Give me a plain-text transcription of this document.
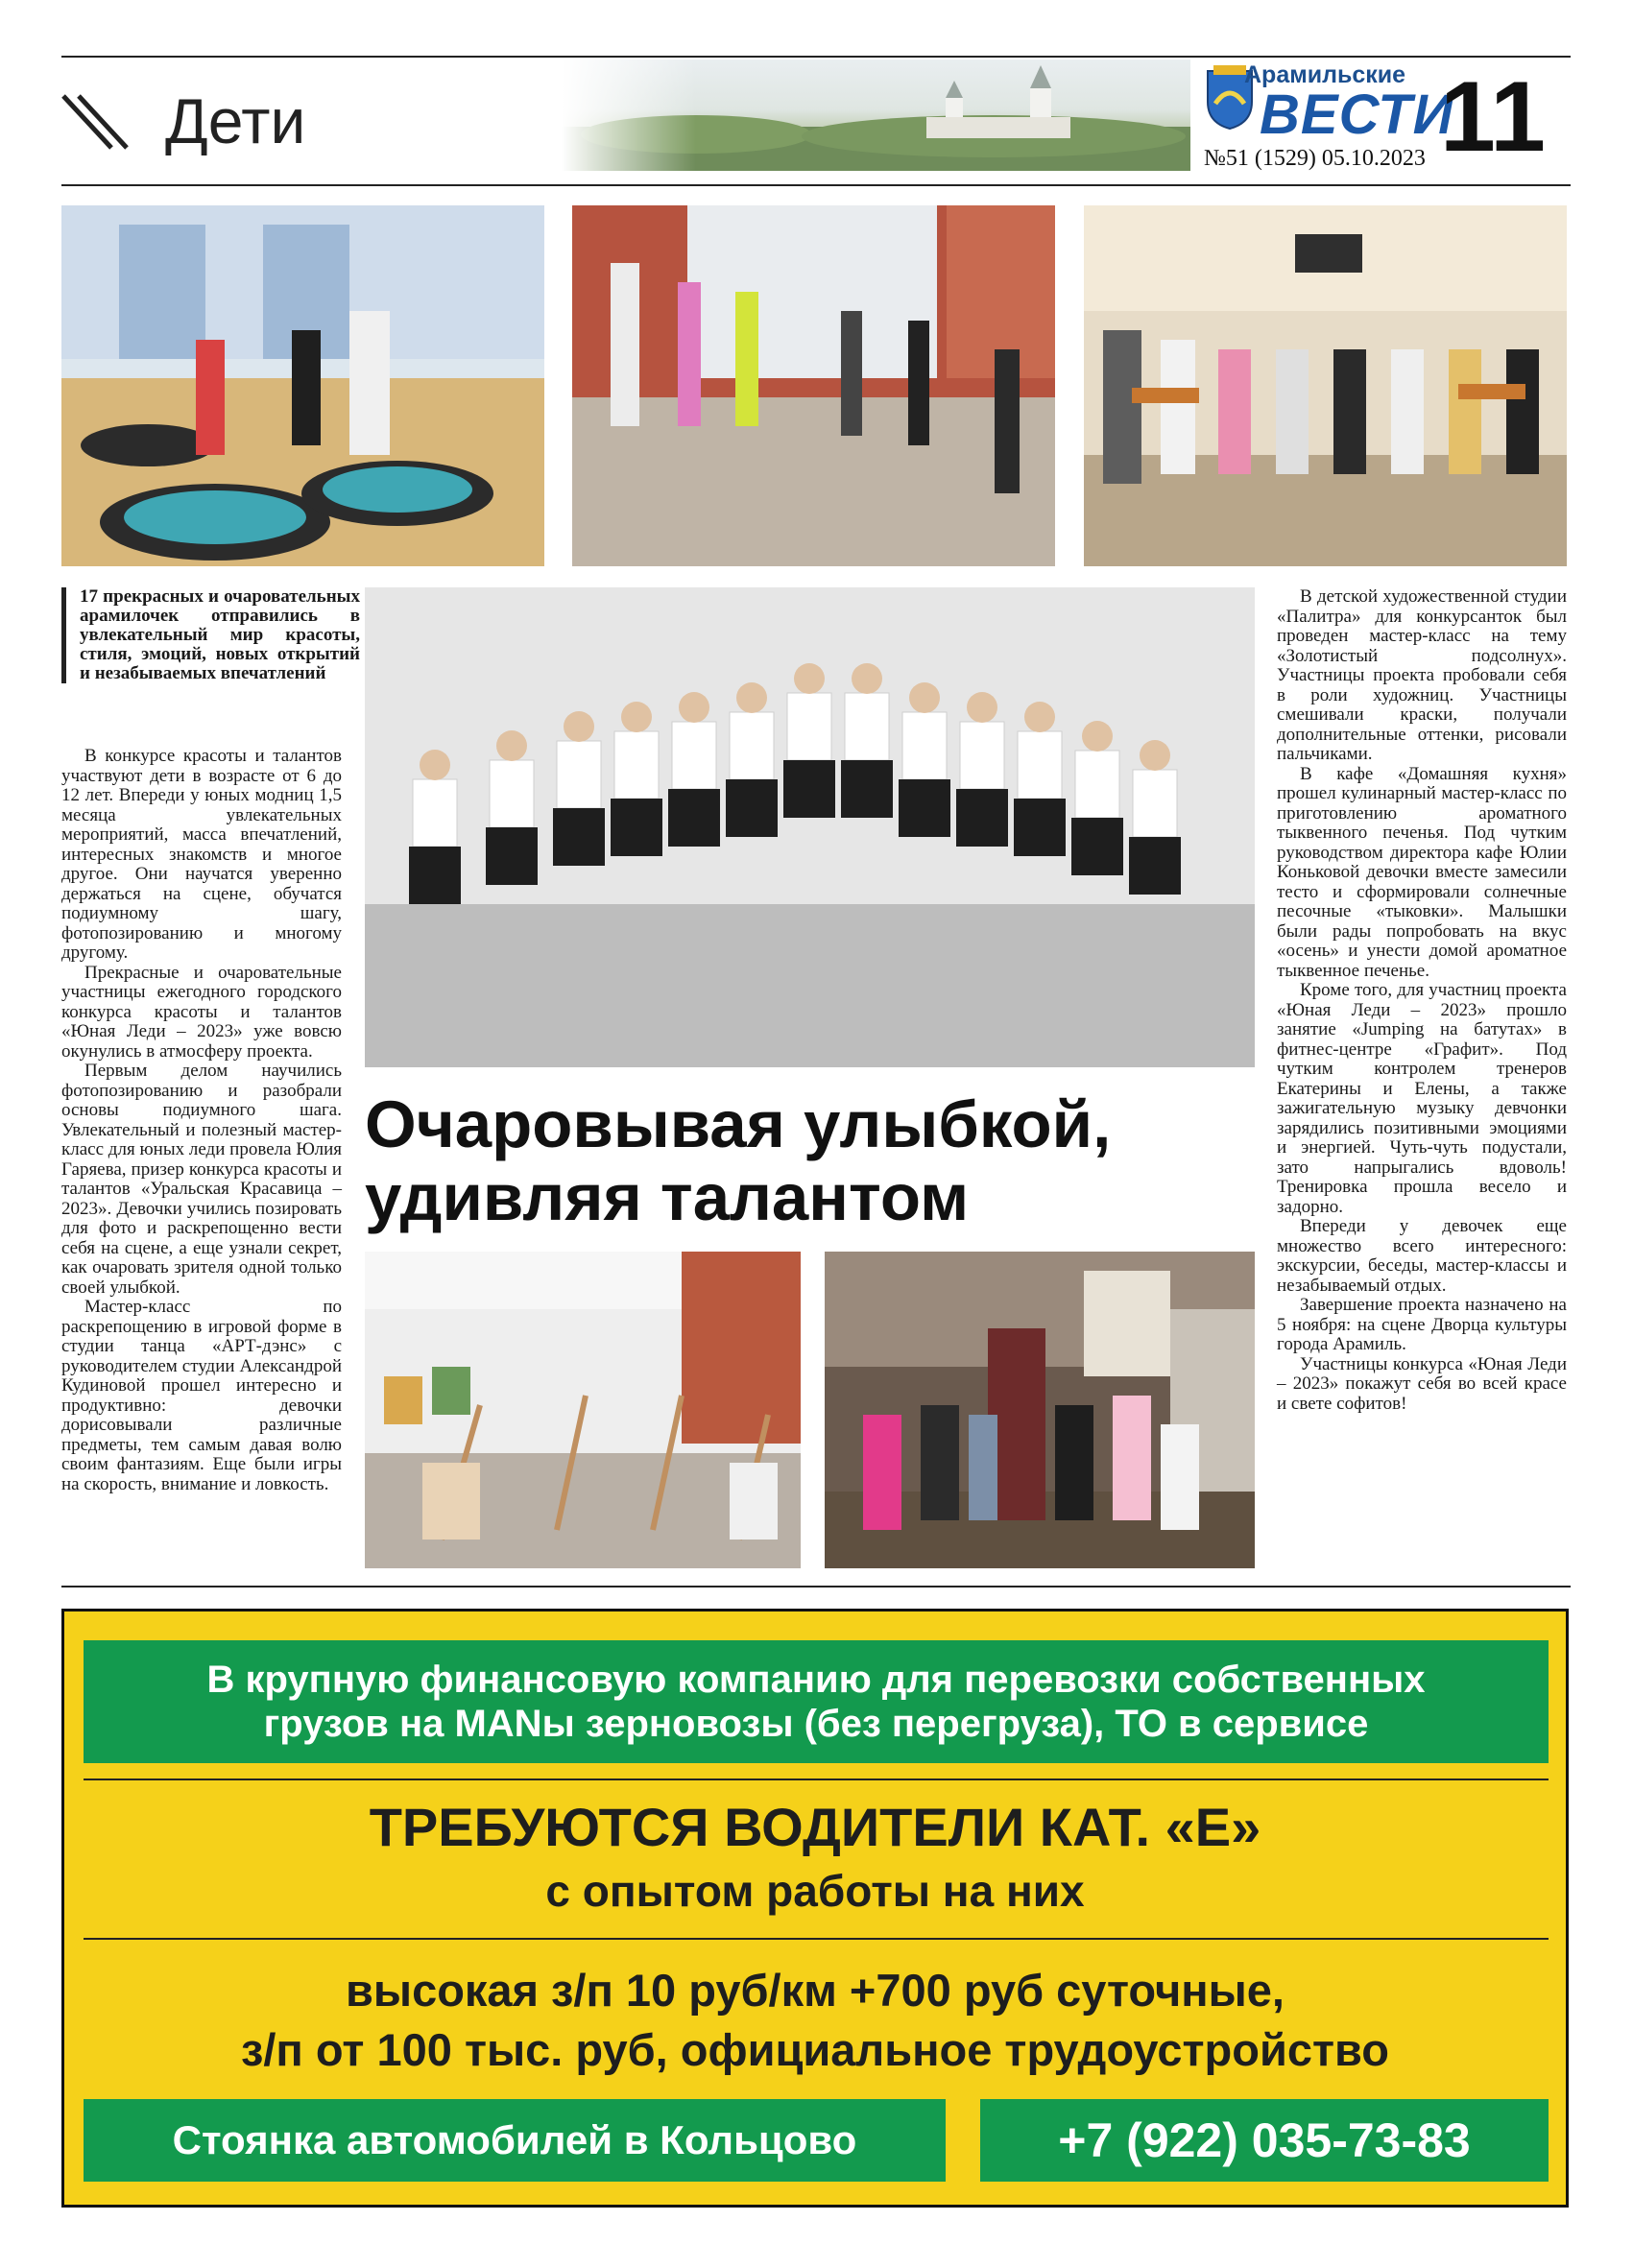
Дети
Арамильские
ВЕСТИ
№51 (1529) 05.10.2023 11
17 прекрасных и очаровательных арамилочек отправились в увлекательный мир красоты, стиля, эмоций, новых открытий и незабываемых впечатлений

В конкурсе красоты и талантов участвуют дети в возрасте от 6 до 12 лет. Впереди у юных модниц 1,5 месяца увлекательных мероприятий, масса впечатлений, интересных знакомств и многое другое. Они научатся уверенно держаться на сцене, обучатся подиумному шагу, фотопозированию и многому другому.

Прекрасные и очаровательные участницы ежегодного городского конкурса красоты и талантов «Юная Леди – 2023» уже вовсю окунулись в атмосферу проекта.

Первым делом научились фотопозированию и разобрали основы подиумного шага. Увлекательный и полезный мастер-класс для юных леди провела Юлия Гаряева, призер конкурса красоты и талантов «Уральская Красавица – 2023». Девочки учились позировать для фото и раскрепощенно вести себя на сцене, а еще узнали секрет, как очаровать зрителя одной только своей улыбкой.

Мастер-класс по раскрепощению в игровой форме в студии танца «АРТ-дэнс» с руководителем студии Александрой Кудиновой прошел интересно и продуктивно: девочки дорисовывали различные предметы, тем самым давая волю своим фантазиям. Еще были игры на скорость, внимание и ловкость.

Очаровывая улыбкой,
удивляя талантом

В детской художественной студии «Палитра» для конкурсанток был проведен мастер-класс на тему «Золотистый подсолнух». Участницы проекта пробовали себя в роли художниц. Участницы смешивали краски, получали дополнительные оттенки, рисовали пальчиками.

В кафе «Домашняя кухня» прошел кулинарный мастер-класс по приготовлению ароматного тыквенного печенья. Под чутким руководством директора кафе Юлии Коньковой девочки вместе замесили тесто и сформировали солнечные песочные «тыковки». Малышки были рады попробовать на вкус «осень» и унести домой ароматное тыквенное печенье.

Кроме того, для участниц проекта «Юная Леди – 2023» прошло занятие «Jumping на батутах» в фитнес-центре «Графит». Под чутким контролем тренеров Екатерины и Елены, а также зажигательную музыку девчонки зарядились позитивными эмоциями и энергией. Чуть-чуть подустали, зато напрыгались вдоволь! Тренировка прошла весело и задорно.

Впереди у девочек еще множество всего интересного: экскурсии, беседы, мастер-классы и незабываемый отдых.

Завершение проекта назначено на 5 ноября: на сцене Дворца культуры города Арамиль.

Участницы конкурса «Юная Леди – 2023» покажут себя во всей красе и свете софитов!

В крупную финансовую компанию для перевозки собственных
грузов на MANы зерновозы (без перегруза), ТО в сервисе
ТРЕБУЮТСЯ ВОДИТЕЛИ КАТ. «Е»
с опытом работы на них
высокая з/п 10 руб/км +700 руб суточные,
з/п от 100 тыс. руб, официальное трудоустройство
Стоянка автомобилей в Кольцово	+7 (922) 035-73-83
